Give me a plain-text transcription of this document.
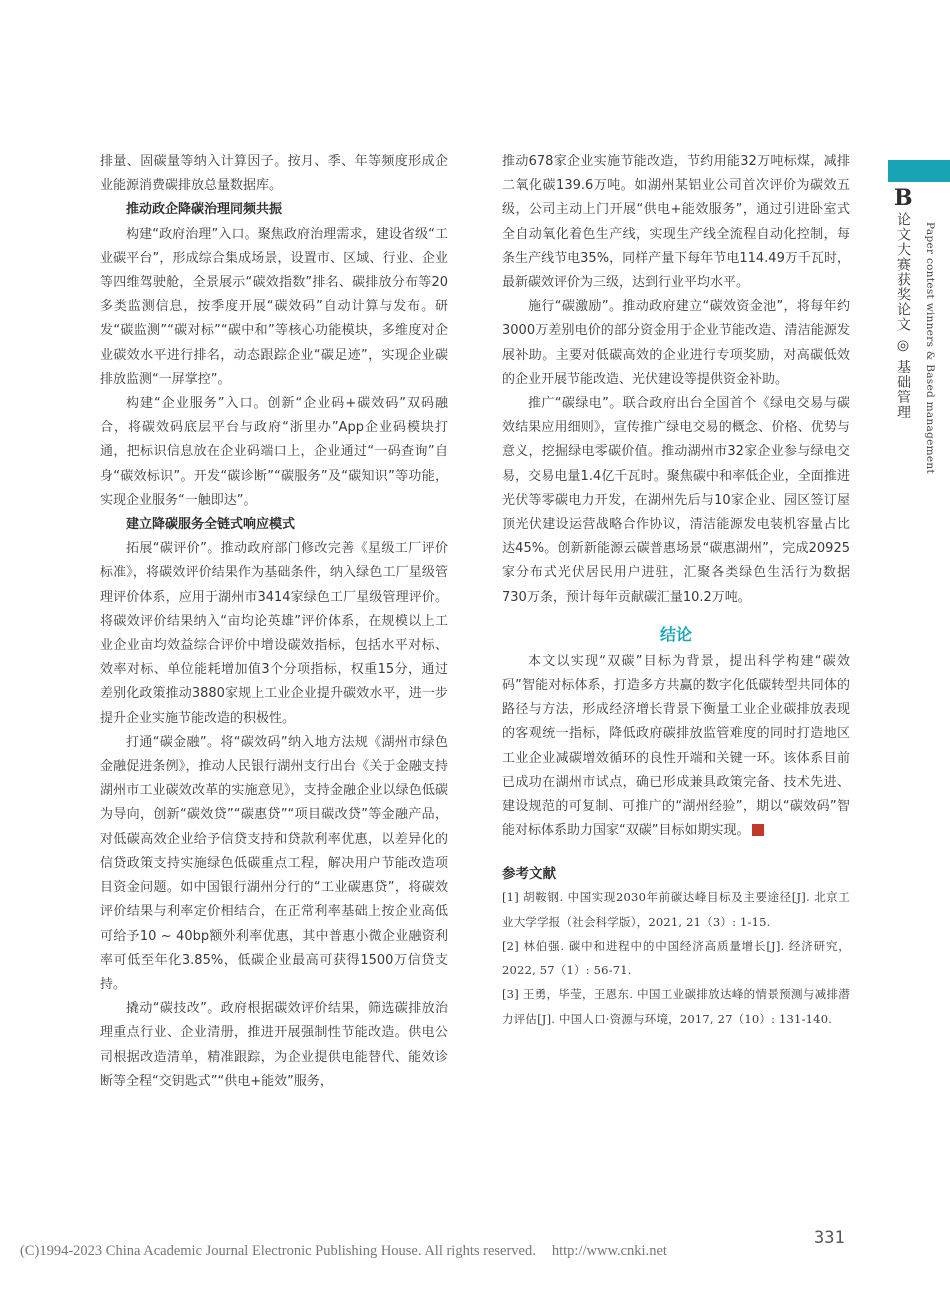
B
论文大赛获奖论文 ◎ 基础管理 Paper contest winners & Based management

排量、固碳量等纳入计算因子。按月、季、年等频度形成企业能源消费碳排放总量数据库。

推动政企降碳治理同频共振

构建“政府治理”入口。聚焦政府治理需求，建设省级“工业碳平台”，形成综合集成场景，设置市、区域、行业、企业等四维驾驶舱，全景展示“碳效指数”排名、碳排放分布等20多类监测信息，按季度开展“碳效码”自动计算与发布。研发“碳监测”“碳对标”“碳中和”等核心功能模块，多维度对企业碳效水平进行排名，动态跟踪企业“碳足迹”，实现企业碳排放监测“一屏掌控”。

构建“企业服务”入口。创新“企业码+碳效码”双码融合，将碳效码底层平台与政府“浙里办”App企业码模块打通，把标识信息放在企业码端口上，企业通过“一码查询”自身“碳效标识”。开发“碳诊断”“碳服务”及“碳知识”等功能，实现企业服务“一触即达”。

建立降碳服务全链式响应模式

拓展“碳评价”。推动政府部门修改完善《星级工厂评价标准》，将碳效评价结果作为基础条件，纳入绿色工厂星级管理评价体系，应用于湖州市3414家绿色工厂星级管理评价。将碳效评价结果纳入“亩均论英雄”评价体系，在规模以上工业企业亩均效益综合评价中增设碳效指标，包括水平对标、效率对标、单位能耗增加值3个分项指标，权重15分，通过差别化政策推动3880家规上工业企业提升碳效水平，进一步提升企业实施节能改造的积极性。

打通“碳金融”。将“碳效码”纳入地方法规《湖州市绿色金融促进条例》，推动人民银行湖州支行出台《关于金融支持湖州市工业碳效改革的实施意见》，支持金融企业以绿色低碳为导向，创新“碳效贷”“碳惠贷”“项目碳改贷”等金融产品，对低碳高效企业给予信贷支持和贷款利率优惠，以差异化的信贷政策支持实施绿色低碳重点工程，解决用户节能改造项目资金问题。如中国银行湖州分行的“工业碳惠贷”，将碳效评价结果与利率定价相结合，在正常利率基础上按企业高低可给予10 ~ 40bp额外利率优惠，其中普惠小微企业融资利率可低至年化3.85%，低碳企业最高可获得1500万信贷支持。

撬动“碳技改”。政府根据碳效评价结果，筛选碳排放治理重点行业、企业清册，推进开展强制性节能改造。供电公司根据改造清单，精准跟踪，为企业提供电能替代、能效诊断等全程“交钥匙式”“供电+能效”服务，

推动678家企业实施节能改造，节约用能32万吨标煤，减排二氧化碳139.6万吨。如湖州某铝业公司首次评价为碳效五级，公司主动上门开展“供电+能效服务”，通过引进卧室式全自动氧化着色生产线，实现生产线全流程自动化控制，每条生产线节电35%，同样产量下每年节电114.49万千瓦时，最新碳效评价为三级，达到行业平均水平。

施行“碳激励”。推动政府建立“碳效资金池”，将每年约3000万差别电价的部分资金用于企业节能改造、清洁能源发展补助。主要对低碳高效的企业进行专项奖励，对高碳低效的企业开展节能改造、光伏建设等提供资金补助。

推广“碳绿电”。联合政府出台全国首个《绿电交易与碳效结果应用细则》，宣传推广绿电交易的概念、价格、优势与意义，挖掘绿电零碳价值。推动湖州市32家企业参与绿电交易，交易电量1.4亿千瓦时。聚焦碳中和率低企业，全面推进光伏等零碳电力开发，在湖州先后与10家企业、园区签订屋顶光伏建设运营战略合作协议，清洁能源发电装机容量占比达45%。创新新能源云碳普惠场景“碳惠湖州”，完成20925家分布式光伏居民用户进驻，汇聚各类绿色生活行为数据730万条，预计每年贡献碳汇量10.2万吨。

结论

本文以实现“双碳”目标为背景，提出科学构建“碳效码”智能对标体系，打造多方共赢的数字化低碳转型共同体的路径与方法，形成经济增长背景下衡量工业企业碳排放表现的客观统一指标，降低政府碳排放监管难度的同时打造地区工业企业减碳增效循环的良性开端和关键一环。该体系目前已成功在湖州市试点，确已形成兼具政策完备、技术先进、建设规范的可复制、可推广的“湖州经验”，期以“碳效码”智能对标体系助力国家“双碳”目标如期实现。

参考文献

[1] 胡鞍钢. 中国实现2030年前碳达峰目标及主要途径[J]. 北京工业大学学报（社会科学版），2021, 21（3）: 1-15.

[2] 林伯强. 碳中和进程中的中国经济高质量增长[J]. 经济研究，2022, 57（1）: 56-71.

[3] 王勇，毕莹，王恩东. 中国工业碳排放达峰的情景预测与减排潜力评估[J]. 中国人口·资源与环境，2017, 27（10）: 131-140.

331
(C)1994-2023 China Academic Journal Electronic Publishing House. All rights reserved. http://www.cnki.net
